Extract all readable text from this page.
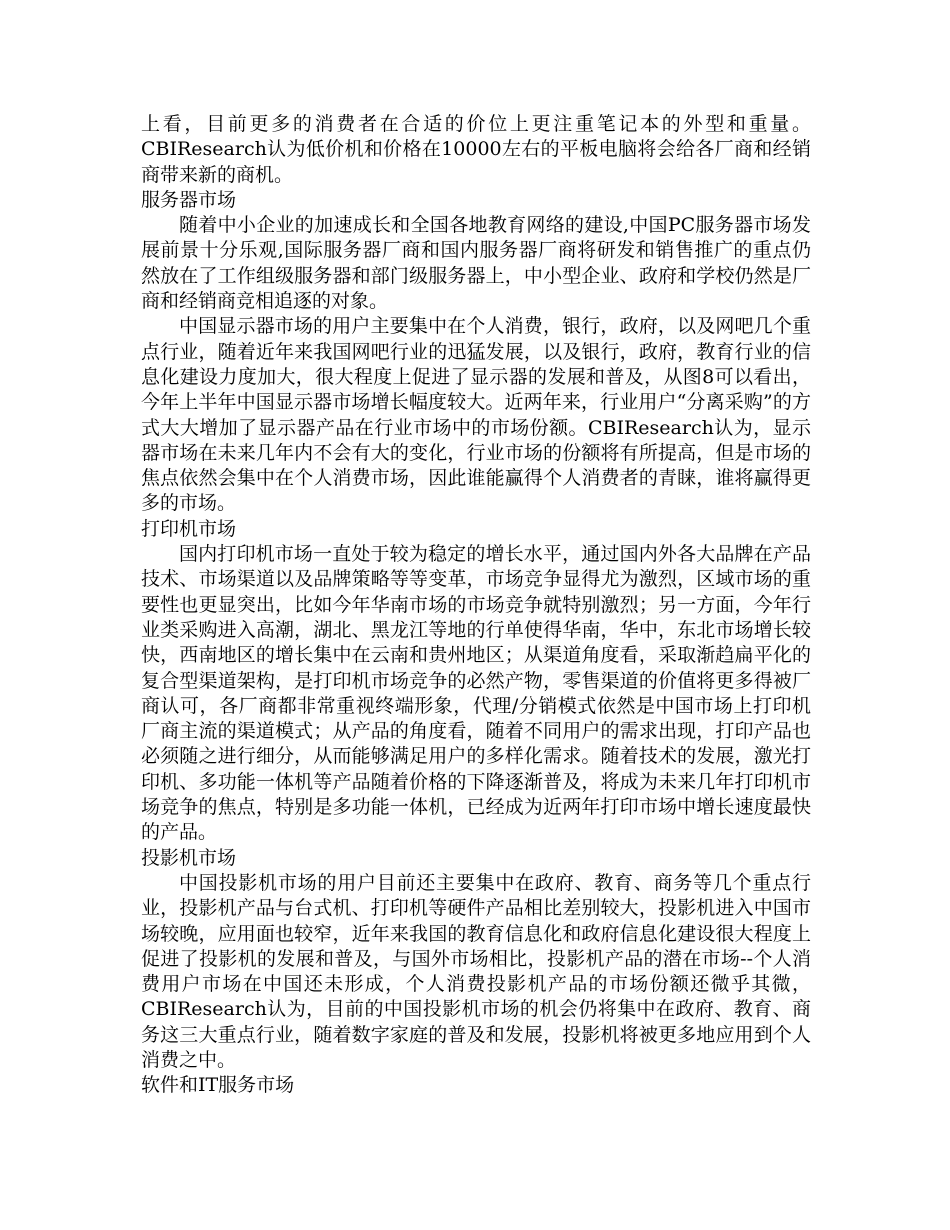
上看，目前更多的消费者在合适的价位上更注重笔记本的外型和重量。CBIResearch认为低价机和价格在10000左右的平板电脑将会给各厂商和经销商带来新的商机。

服务器市场

随着中小企业的加速成长和全国各地教育网络的建设,中国PC服务器市场发展前景十分乐观,国际服务器厂商和国内服务器厂商将研发和销售推广的重点仍然放在了工作组级服务器和部门级服务器上，中小型企业、政府和学校仍然是厂商和经销商竞相追逐的对象。

中国显示器市场的用户主要集中在个人消费，银行，政府，以及网吧几个重点行业，随着近年来我国网吧行业的迅猛发展，以及银行，政府，教育行业的信息化建设力度加大，很大程度上促进了显示器的发展和普及，从图8可以看出，今年上半年中国显示器市场增长幅度较大。近两年来，行业用户“分离采购”的方式大大增加了显示器产品在行业市场中的市场份额。CBIResearch认为，显示器市场在未来几年内不会有大的变化，行业市场的份额将有所提高，但是市场的焦点依然会集中在个人消费市场，因此谁能赢得个人消费者的青睐，谁将赢得更多的市场。

打印机市场

国内打印机市场一直处于较为稳定的增长水平，通过国内外各大品牌在产品技术、市场渠道以及品牌策略等等变革，市场竞争显得尤为激烈，区域市场的重要性也更显突出，比如今年华南市场的市场竞争就特别激烈；另一方面，今年行业类采购进入高潮，湖北、黑龙江等地的行单使得华南，华中，东北市场增长较快，西南地区的增长集中在云南和贵州地区；从渠道角度看，采取渐趋扁平化的复合型渠道架构，是打印机市场竞争的必然产物，零售渠道的价值将更多得被厂商认可，各厂商都非常重视终端形象，代理/分销模式依然是中国市场上打印机厂商主流的渠道模式；从产品的角度看，随着不同用户的需求出现，打印产品也必须随之进行细分，从而能够满足用户的多样化需求。随着技术的发展，激光打印机、多功能一体机等产品随着价格的下降逐渐普及，将成为未来几年打印机市场竞争的焦点，特别是多功能一体机，已经成为近两年打印市场中增长速度最快的产品。

投影机市场

中国投影机市场的用户目前还主要集中在政府、教育、商务等几个重点行业，投影机产品与台式机、打印机等硬件产品相比差别较大，投影机进入中国市场较晚，应用面也较窄，近年来我国的教育信息化和政府信息化建设很大程度上促进了投影机的发展和普及，与国外市场相比，投影机产品的潜在市场--个人消费用户市场在中国还未形成，个人消费投影机产品的市场份额还微乎其微，CBIResearch认为，目前的中国投影机市场的机会仍将集中在政府、教育、商务这三大重点行业，随着数字家庭的普及和发展，投影机将被更多地应用到个人消费之中。

软件和IT服务市场
